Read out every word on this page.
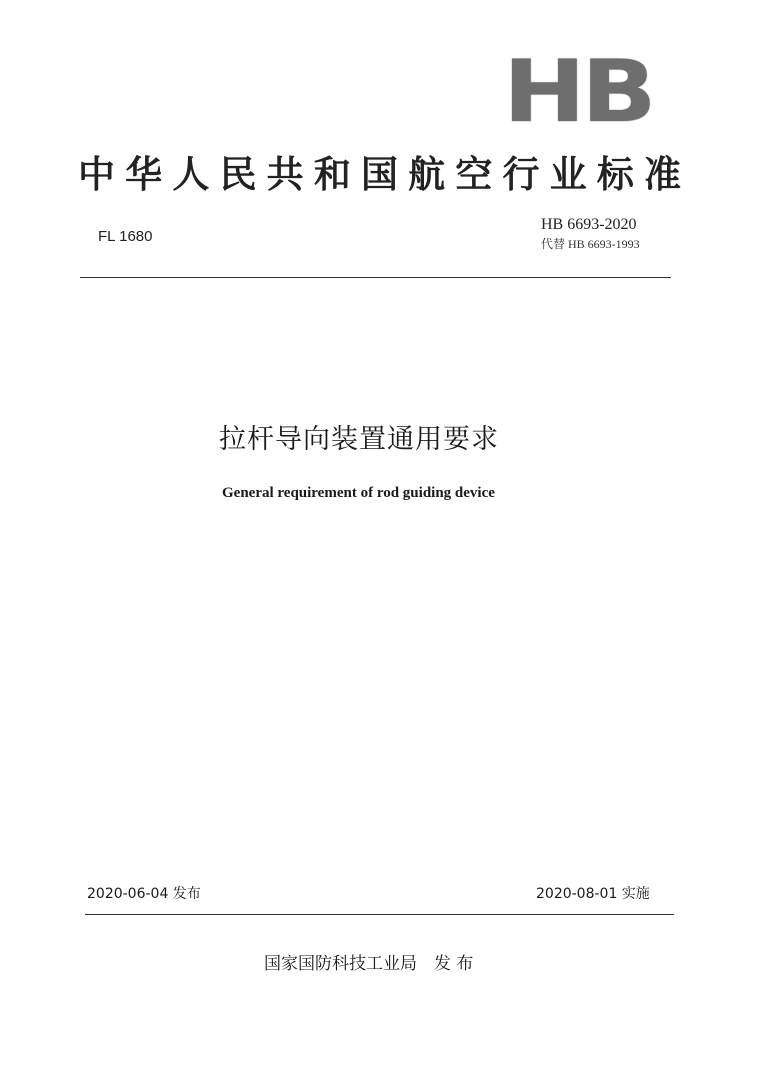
HB
中华人民共和国航空行业标准
FL 1680
HB 6693-2020
代替 HB 6693-1993
拉杆导向装置通用要求
General requirement of rod guiding device
2020-06-04 发布	2020-08-01 实施
国家国防科技工业局　发 布
